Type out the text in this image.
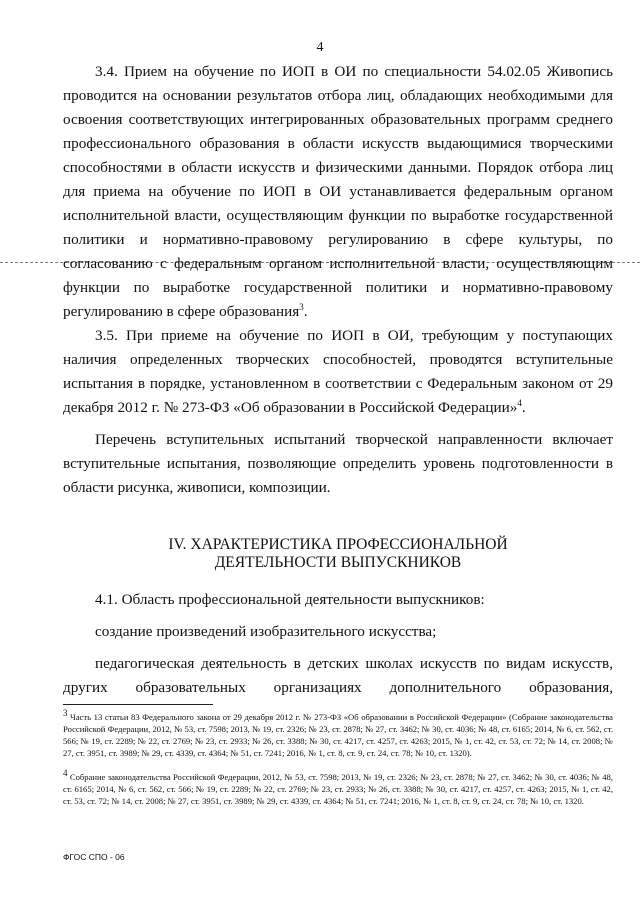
4

3.4. Прием на обучение по ИОП в ОИ по специальности 54.02.05 Живопись проводится на основании результатов отбора лиц, обладающих необходимыми для освоения соответствующих интегрированных образовательных программ среднего профессионального образования в области искусств выдающимися творческими способностями в области искусств и физическими данными. Порядок отбора лиц для приема на обучение по ИОП в ОИ устанавливается федеральным органом исполнительной власти, осуществляющим функции по выработке государственной политики и нормативно-правовому регулированию в сфере культуры, по согласованию с федеральным органом исполнительной власти, осуществляющим функции по выработке государственной политики и нормативно-правовому регулированию в сфере образования$^3$.

3.5. При приеме на обучение по ИОП в ОИ, требующим у поступающих наличия определенных творческих способностей, проводятся вступительные испытания в порядке, установленном в соответствии с Федеральным законом от 29 декабря 2012 г. № 273-ФЗ «Об образовании в Российской Федерации»$^4$.

Перечень вступительных испытаний творческой направленности включает вступительные испытания, позволяющие определить уровень подготовленности в области рисунка, живописи, композиции.

IV. ХАРАКТЕРИСТИКА ПРОФЕССИОНАЛЬНОЙ
ДЕЯТЕЛЬНОСТИ ВЫПУСКНИКОВ

4.1. Область профессиональной деятельности выпускников:

создание произведений изобразительного искусства;

педагогическая деятельность в детских школах искусств по видам искусств, других образовательных организациях дополнительного образования,

$^3$ Часть 13 статьи 83 Федерального закона от 29 декабря 2012 г. № 273-ФЗ «Об образовании в Российской Федерации» (Собрание законодательства Российской Федерации, 2012, № 53, ст. 7598; 2013, № 19, ст. 2326; № 23, ст. 2878; № 27, ст. 3462; № 30, ст. 4036; № 48, ст. 6165; 2014, № 6, ст. 562, ст. 566; № 19, ст. 2289; № 22, ст. 2769; № 23, ст. 2933; № 26, ст. 3388; № 30, ст. 4217, ст. 4257, ст. 4263; 2015, № 1, ст. 42, ст. 53, ст. 72; № 14, ст. 2008; № 27, ст. 3951, ст. 3989; № 29, ст. 4339, ст. 4364; № 51, ст. 7241; 2016, № 1, ст. 8, ст. 9, ст. 24, ст. 78; № 10, ст. 1320).

$^4$ Собрание законодательства Российской Федерации, 2012, № 53, ст. 7598; 2013, № 19, ст. 2326; № 23, ст. 2878; № 27, ст. 3462; № 30, ст. 4036; № 48, ст. 6165; 2014, № 6, ст. 562, ст. 566; № 19, ст. 2289; № 22, ст. 2769; № 23, ст. 2933; № 26, ст. 3388; № 30, ст. 4217, ст. 4257, ст. 4263; 2015, № 1, ст. 42, ст. 53, ст. 72; № 14, ст. 2008; № 27, ст. 3951, ст. 3989; № 29, ст. 4339, ст. 4364; № 51, ст. 7241; 2016, № 1, ст. 8, ст. 9, ст. 24, ст. 78; № 10, ст. 1320.

ФГОС СПО - 06
